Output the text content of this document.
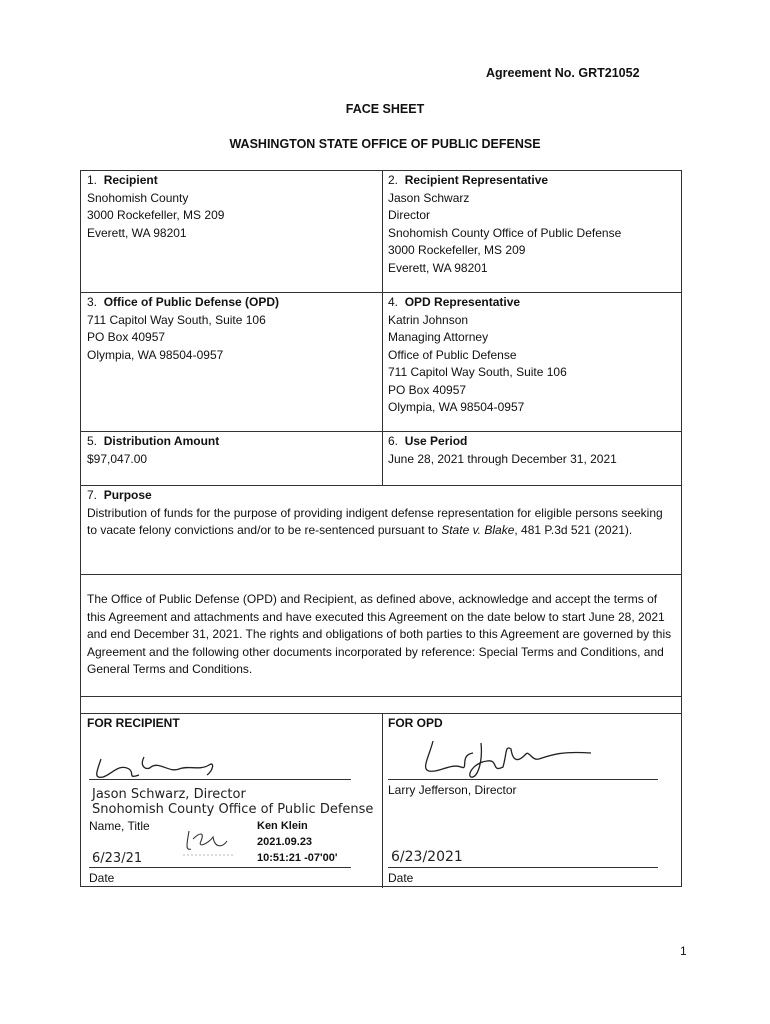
Agreement No. GRT21052
FACE SHEET
WASHINGTON STATE OFFICE OF PUBLIC DEFENSE
1. Recipient
Snohomish County
3000 Rockefeller, MS 209
Everett, WA 98201
2. Recipient Representative
Jason Schwarz
Director
Snohomish County Office of Public Defense
3000 Rockefeller, MS 209
Everett, WA 98201
3. Office of Public Defense (OPD)
711 Capitol Way South, Suite 106
PO Box 40957
Olympia, WA 98504-0957
4. OPD Representative
Katrin Johnson
Managing Attorney
Office of Public Defense
711 Capitol Way South, Suite 106
PO Box 40957
Olympia, WA 98504-0957
5. Distribution Amount
$97,047.00
6. Use Period
June 28, 2021 through December 31, 2021
7. Purpose
Distribution of funds for the purpose of providing indigent defense representation for eligible persons seeking to vacate felony convictions and/or to be re-sentenced pursuant to State v. Blake, 481 P.3d 521 (2021).
The Office of Public Defense (OPD) and Recipient, as defined above, acknowledge and accept the terms of this Agreement and attachments and have executed this Agreement on the date below to start June 28, 2021 and end December 31, 2021. The rights and obligations of both parties to this Agreement are governed by this Agreement and the following other documents incorporated by reference: Special Terms and Conditions, and General Terms and Conditions.
FOR RECIPIENT
Jason Schwarz, Director
Snohomish County Office of Public Defense
Name, Title	Ken Klein
2021.09.23
10:51:21 -07'00'
6/23/21
Date
FOR OPD
Larry Jefferson, Director
6/23/2021
Date
1
